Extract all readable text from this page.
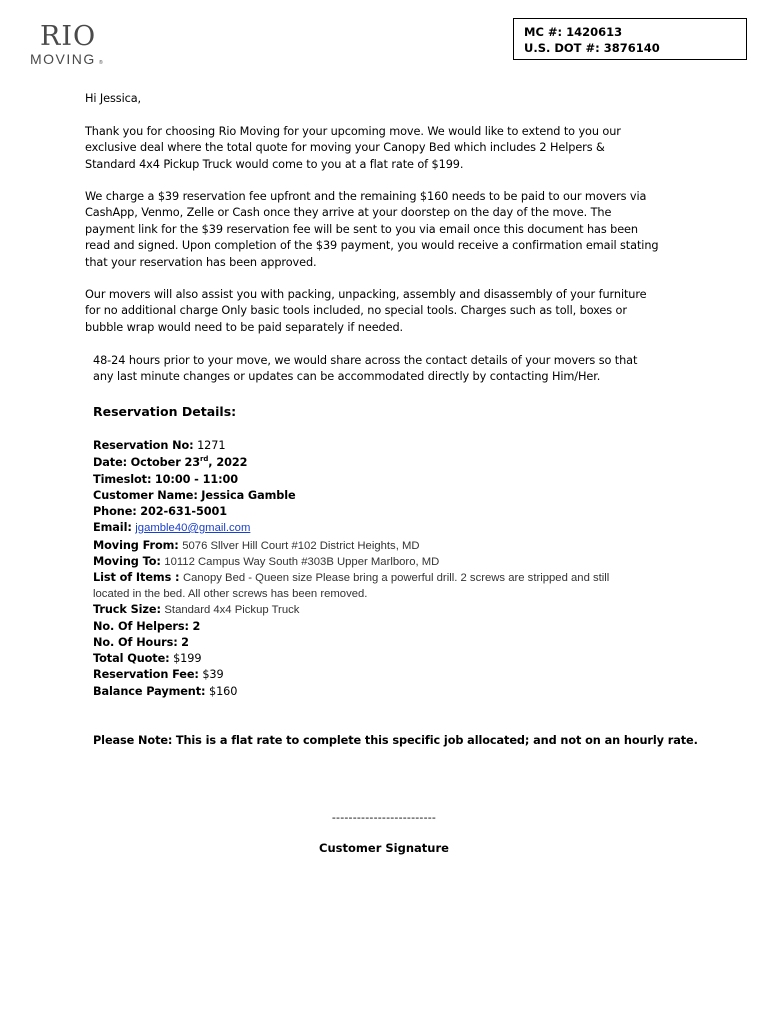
RIO
MOVING ®
MC #: 1420613
U.S. DOT #: 3876140
Hi Jessica,
Thank you for choosing Rio Moving for your upcoming move. We would like to extend to you our
exclusive deal where the total quote for moving your Canopy Bed which includes 2 Helpers &
Standard 4x4 Pickup Truck would come to you at a flat rate of $199.
We charge a $39 reservation fee upfront and the remaining $160 needs to be paid to our movers via
CashApp, Venmo, Zelle or Cash once they arrive at your doorstep on the day of the move. The
payment link for the $39 reservation fee will be sent to you via email once this document has been
read and signed. Upon completion of the $39 payment, you would receive a confirmation email stating
that your reservation has been approved.
Our movers will also assist you with packing, unpacking, assembly and disassembly of your furniture
for no additional charge Only basic tools included, no special tools. Charges such as toll, boxes or
bubble wrap would need to be paid separately if needed.
48-24 hours prior to your move, we would share across the contact details of your movers so that
any last minute changes or updates can be accommodated directly by contacting Him/Her.
Reservation Details:
Reservation No: 1271
Date: October 23rd, 2022
Timeslot: 10:00 - 11:00
Customer Name: Jessica Gamble
Phone: 202-631-5001
Email: jgamble40@gmail.com
Moving From: 5076 Sllver Hill Court #102 District Heights, MD
Moving To: 10112 Campus Way South #303B Upper Marlboro, MD
List of Items : Canopy Bed - Queen size Please bring a powerful drill. 2 screws are stripped and still
located in the bed. All other screws has been removed.
Truck Size: Standard 4x4 Pickup Truck
No. Of Helpers: 2
No. Of Hours: 2
Total Quote: $199
Reservation Fee: $39
Balance Payment: $160
Please Note: This is a flat rate to complete this specific job allocated; and not on an hourly rate.
-------------------------
Customer Signature
